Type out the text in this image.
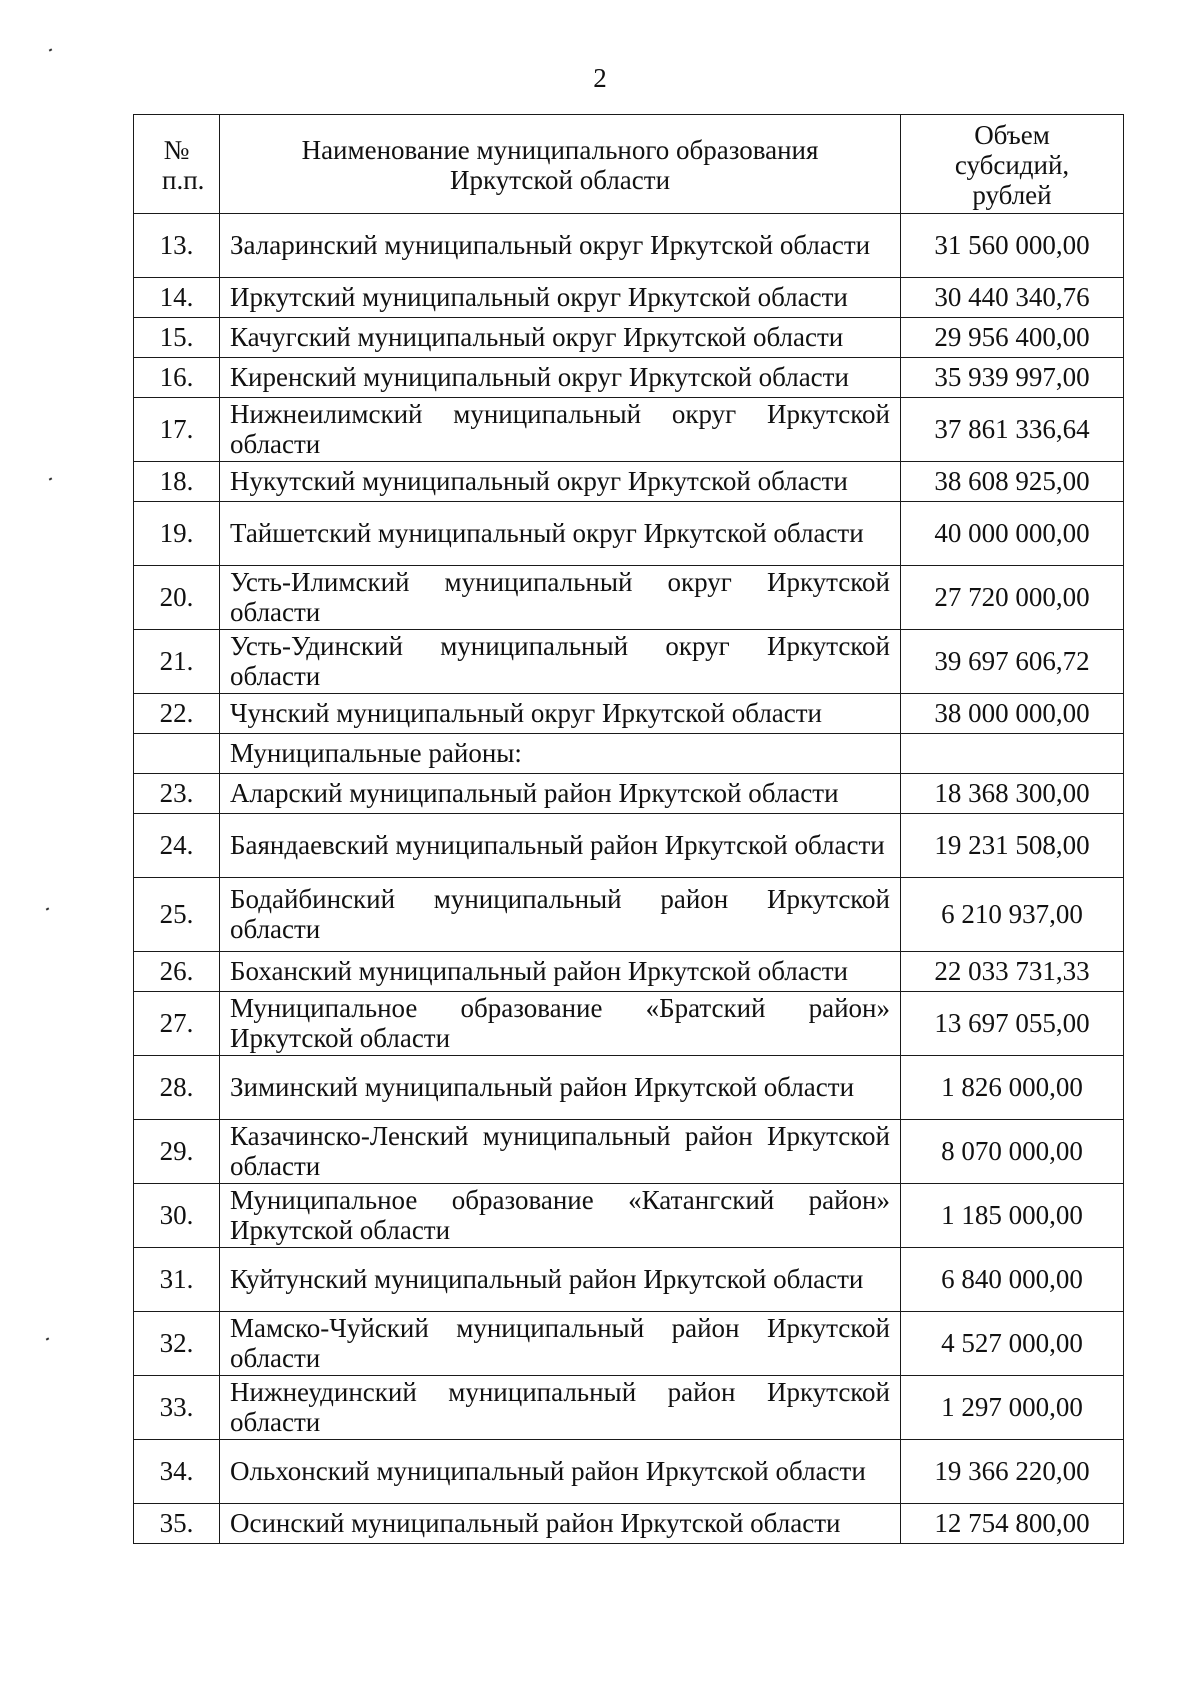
2
№ п.п.	Наименование муниципального образования Иркутской области	Объем субсидий, рублей
13.	Заларинский муниципальный округ Иркутской области	31 560 000,00
14.	Иркутский муниципальный округ Иркутской области	30 440 340,76
15.	Качугский муниципальный округ Иркутской области	29 956 400,00
16.	Киренский муниципальный округ Иркутской области	35 939 997,00
17.	Нижнеилимский муниципальный округ Иркутской области	37 861 336,64
18.	Нукутский муниципальный округ Иркутской области	38 608 925,00
19.	Тайшетский муниципальный округ Иркутской области	40 000 000,00
20.	Усть-Илимский муниципальный округ Иркутской области	27 720 000,00
21.	Усть-Удинский муниципальный округ Иркутской области	39 697 606,72
22.	Чунский муниципальный округ Иркутской области	38 000 000,00
	Муниципальные районы:	
23.	Аларский муниципальный район Иркутской области	18 368 300,00
24.	Баяндаевский муниципальный район Иркутской области	19 231 508,00
25.	Бодайбинский муниципальный район Иркутской области	6 210 937,00
26.	Боханский муниципальный район Иркутской области	22 033 731,33
27.	Муниципальное образование «Братский район» Иркутской области	13 697 055,00
28.	Зиминский муниципальный район Иркутской области	1 826 000,00
29.	Казачинско-Ленский муниципальный район Иркутской области	8 070 000,00
30.	Муниципальное образование «Катангский район» Иркутской области	1 185 000,00
31.	Куйтунский муниципальный район Иркутской области	6 840 000,00
32.	Мамско-Чуйский муниципальный район Иркутской области	4 527 000,00
33.	Нижнеудинский муниципальный район Иркутской области	1 297 000,00
34.	Ольхонский муниципальный район Иркутской области	19 366 220,00
35.	Осинский муниципальный район Иркутской области	12 754 800,00
